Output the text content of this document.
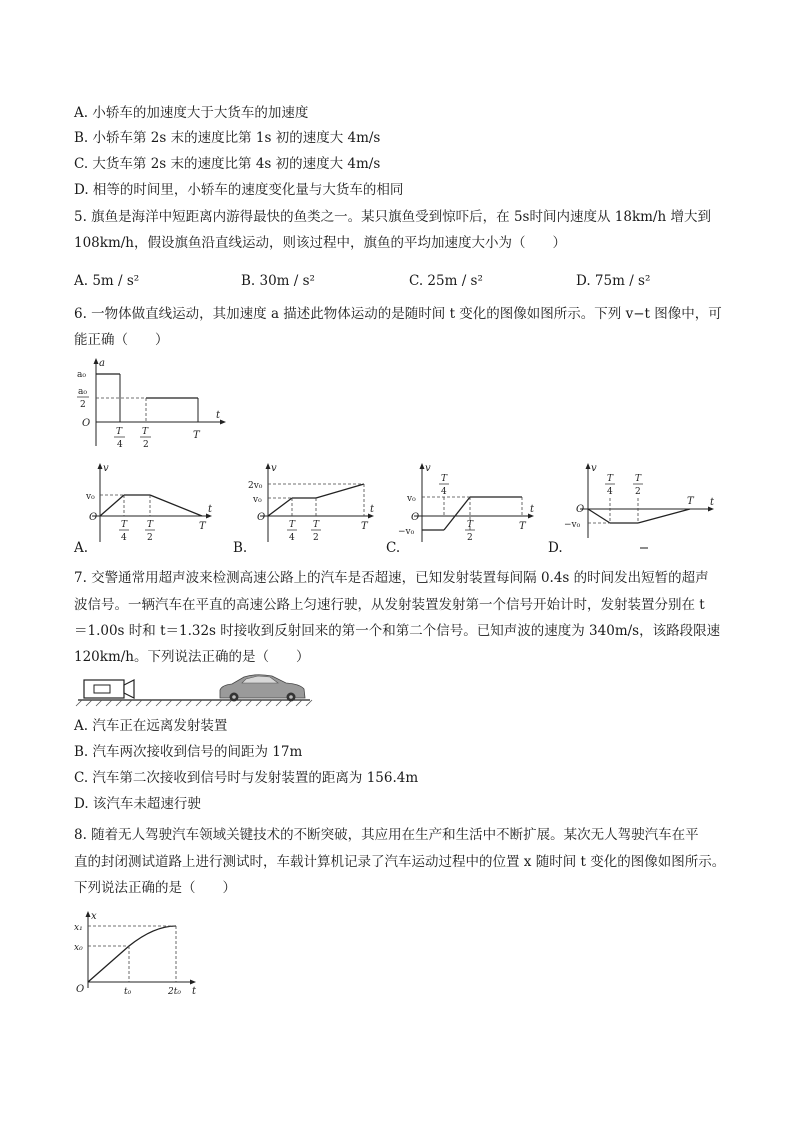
A. 小轿车的加速度大于大货车的加速度
B. 小轿车第 2s 末的速度比第 1s 初的速度大 4m/s
C. 大货车第 2s 末的速度比第 4s 初的速度大 4m/s
D. 相等的时间里，小轿车的速度变化量与大货车的相同
5. 旗鱼是海洋中短距离内游得最快的鱼类之一。某只旗鱼受到惊吓后，在 5s时间内速度从 18km/h 增大到
108km/h，假设旗鱼沿直线运动，则该过程中，旗鱼的平均加速度大小为（　　）
A. 5m / s²	B. 30m / s²	C. 25m / s²	D. 75m / s²
6. 一物体做直线运动，其加速度 a 描述此物体运动的是随时间 t 变化的图像如图所示。下列 v−t 图像中，可
能正确（　　）
a
a₀
a₀
2
O
T
4
T
2
T
t
v
v₀
O
T
4
T
2
T
t
A.
v
2v₀
v₀
O
T
4
T
2
T
t
B.
v
v₀
O
−v₀
T
4
T
2
T
t
C.
v
O
−v₀
T
4
T
2
T t
D.
7. 交警通常用超声波来检测高速公路上的汽车是否超速，已知发射装置每间隔 0.4s 的时间发出短暂的超声
波信号。一辆汽车在平直的高速公路上匀速行驶，从发射装置发射第一个信号开始计时，发射装置分别在 t
＝1.00s 时和 t＝1.32s 时接收到反射回来的第一个和第二个信号。已知声波的速度为 340m/s，该路段限速
120km/h。下列说法正确的是（　　）
A. 汽车正在远离发射装置
B. 汽车两次接收到信号的间距为 17m
C. 汽车第二次接收到信号时与发射装置的距离为 156.4m
D. 该汽车未超速行驶
8. 随着无人驾驶汽车领域关键技术的不断突破，其应用在生产和生活中不断扩展。某次无人驾驶汽车在平
直的封闭测试道路上进行测试时，车载计算机记录了汽车运动过程中的位置 x 随时间 t 变化的图像如图所示。
下列说法正确的是（　　）
x
x₁
x₀
O	t₀	2t₀ t
